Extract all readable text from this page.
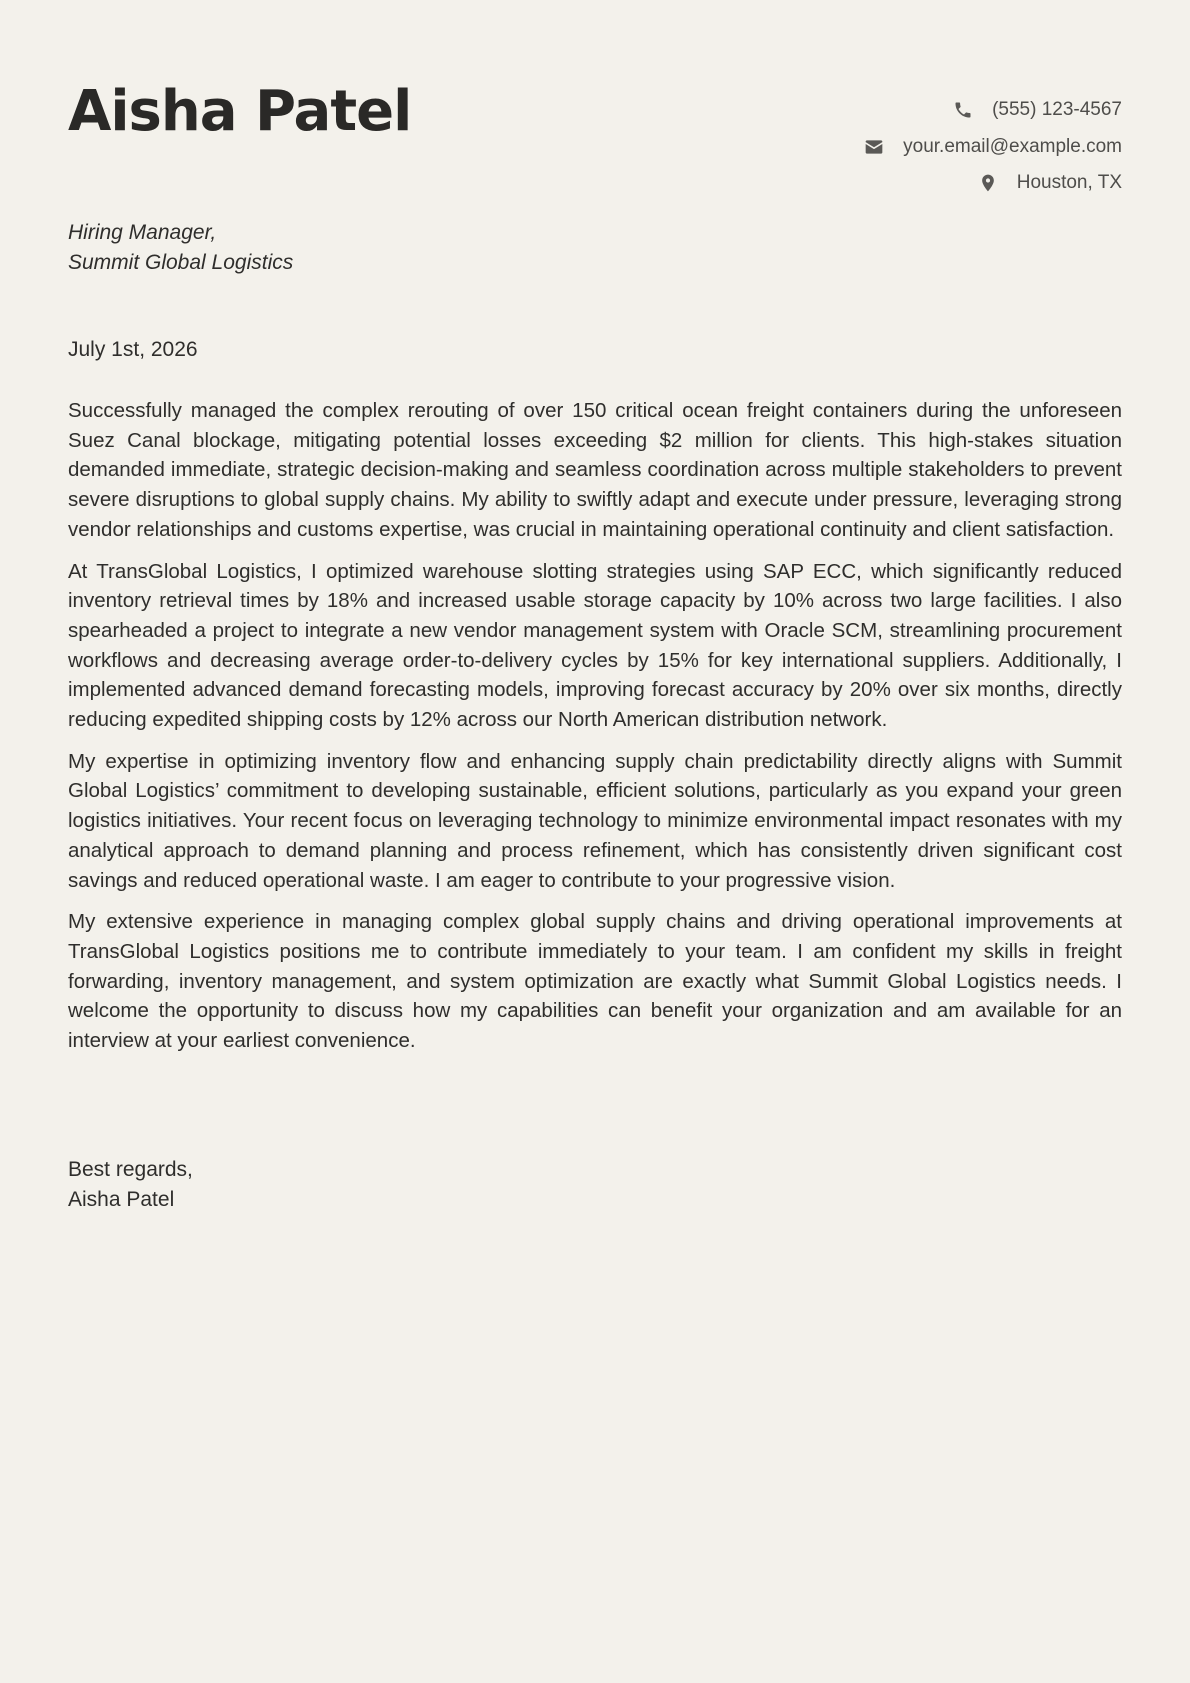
Aisha Patel	(555) 123-4567
your.email@example.com
Houston, TX
Hiring Manager,
Summit Global Logistics
July 1st, 2026

Successfully managed the complex rerouting of over 150 critical ocean freight containers during the unforeseen Suez Canal blockage, mitigating potential losses exceeding $2 million for clients. This high-stakes situation demanded immediate, strategic decision-making and seamless coordination across multiple stakeholders to prevent severe disruptions to global supply chains. My ability to swiftly adapt and execute under pressure, leveraging strong vendor relationships and customs expertise, was crucial in maintaining operational continuity and client satisfaction.

At TransGlobal Logistics, I optimized warehouse slotting strategies using SAP ECC, which significantly reduced inventory retrieval times by 18% and increased usable storage capacity by 10% across two large facilities. I also spearheaded a project to integrate a new vendor management system with Oracle SCM, streamlining procurement workflows and decreasing average order-to-delivery cycles by 15% for key international suppliers. Additionally, I implemented advanced demand forecasting models, improving forecast accuracy by 20% over six months, directly reducing expedited shipping costs by 12% across our North American distribution network.

My expertise in optimizing inventory flow and enhancing supply chain predictability directly aligns with Summit Global Logistics’ commitment to developing sustainable, efficient solutions, particularly as you expand your green logistics initiatives. Your recent focus on leveraging technology to minimize environmental impact resonates with my analytical approach to demand planning and process refinement, which has consistently driven significant cost savings and reduced operational waste. I am eager to contribute to your progressive vision.

My extensive experience in managing complex global supply chains and driving operational improvements at TransGlobal Logistics positions me to contribute immediately to your team. I am confident my skills in freight forwarding, inventory management, and system optimization are exactly what Summit Global Logistics needs. I welcome the opportunity to discuss how my capabilities can benefit your organization and am available for an interview at your earliest convenience.

Best regards,
Aisha Patel
